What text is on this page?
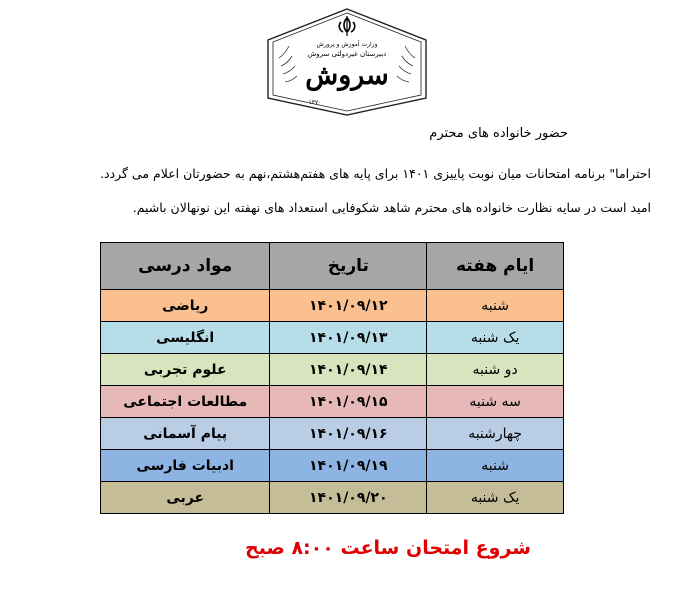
سروش
وزارت آموزش و پرورش
دبیرستان غیردولتی سروش
۱۳۷۰
حضور خانواده های محترم
احتراما" برنامه امتحانات میان نوبت پاییزی ۱۴۰۱ برای پایه های هفتم‌هشتم،نهم به حضورتان اعلام می گردد.
امید است در سایه نظارت خانواده های محترم شاهد شکوفایی استعداد های نهفته این نونهالان باشیم.
ایام هفته	تاریخ	مواد درسی
شنبه	۱۴۰۱/۰۹/۱۲	ریاضی
یک شنبه	۱۴۰۱/۰۹/۱۳	انگلیسی
دو شنبه	۱۴۰۱/۰۹/۱۴	علوم تجربی
سه شنبه	۱۴۰۱/۰۹/۱۵	مطالعات اجتماعی
چهارشنبه	۱۴۰۱/۰۹/۱۶	پیام آسمانی
شنبه	۱۴۰۱/۰۹/۱۹	ادبیات فارسی
یک شنبه	۱۴۰۱/۰۹/۲۰	عربی
شروع امتحان ساعت ۸:۰۰ صبح
